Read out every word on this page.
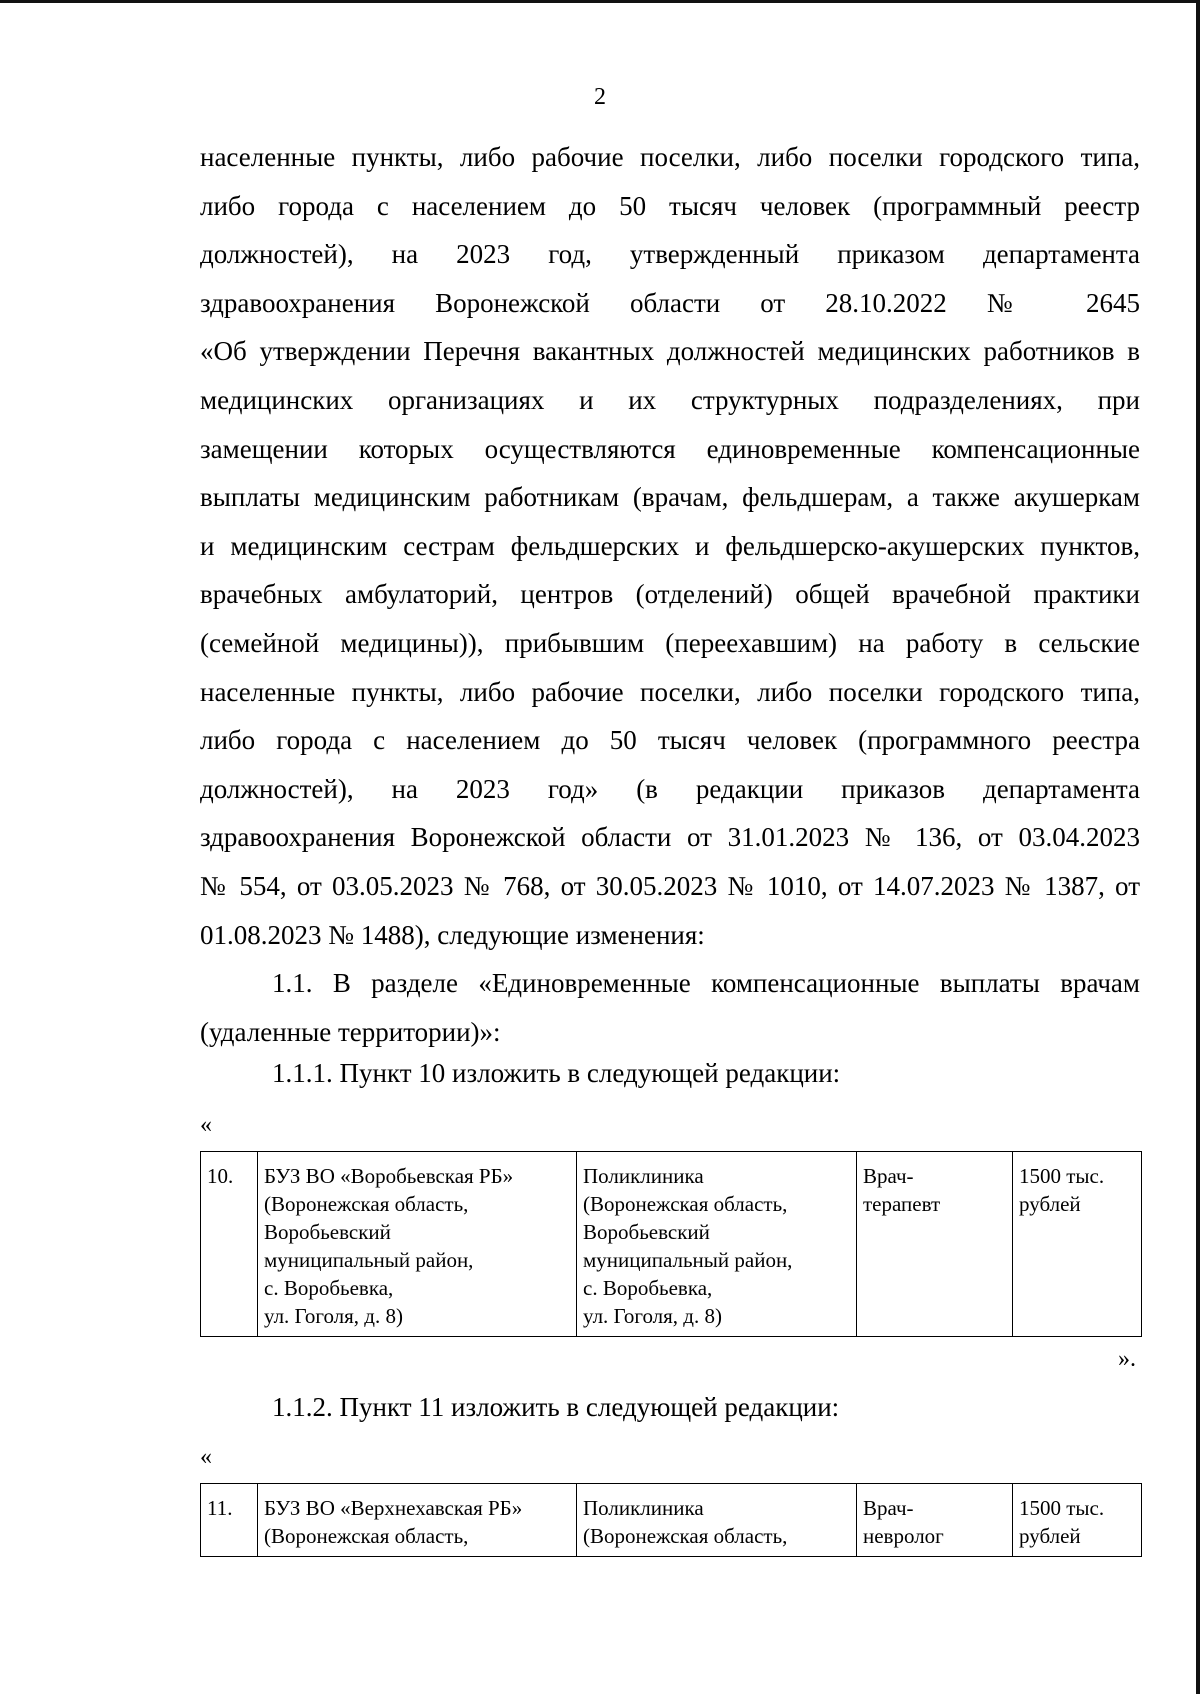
2
населенные пункты, либо рабочие поселки, либо поселки городского типа,
либо города с населением до 50 тысяч человек (программный реестр
должностей), на 2023 год, утвержденный приказом департамента
здравоохранения Воронежской области от 28.10.2022 № 2645
«Об утверждении Перечня вакантных должностей медицинских работников в
медицинских организациях и их структурных подразделениях, при
замещении которых осуществляются единовременные компенсационные
выплаты медицинским работникам (врачам, фельдшерам, а также акушеркам
и медицинским сестрам фельдшерских и фельдшерско-акушерских пунктов,
врачебных амбулаторий, центров (отделений) общей врачебной практики
(семейной медицины)), прибывшим (переехавшим) на работу в сельские
населенные пункты, либо рабочие поселки, либо поселки городского типа,
либо города с населением до 50 тысяч человек (программного реестра
должностей), на 2023 год» (в редакции приказов департамента
здравоохранения Воронежской области от 31.01.2023 № 136, от 03.04.2023
№ 554, от 03.05.2023 № 768, от 30.05.2023 № 1010, от 14.07.2023 № 1387, от
01.08.2023 № 1488), следующие изменения:
1.1. В разделе «Единовременные компенсационные выплаты врачам
(удаленные территории)»:
1.1.1. Пункт 10 изложить в следующей редакции:
«
10.	БУЗ ВО «Воробьевская РБ»
(Воронежская область,
Воробьевский
муниципальный район,
с. Воробьевка,
ул. Гоголя, д. 8)

Поликлиника
(Воронежская область,
Воробьевский
муниципальный район,
с. Воробьевка,
ул. Гоголя, д. 8)

Врач-
терапевт

1500 тыс.
рублей
».
1.1.2. Пункт 11 изложить в следующей редакции:
«
11.	БУЗ ВО «Верхнехавская РБ»
(Воронежская область,

Поликлиника
(Воронежская область,

Врач-
невролог

1500 тыс.
рублей
